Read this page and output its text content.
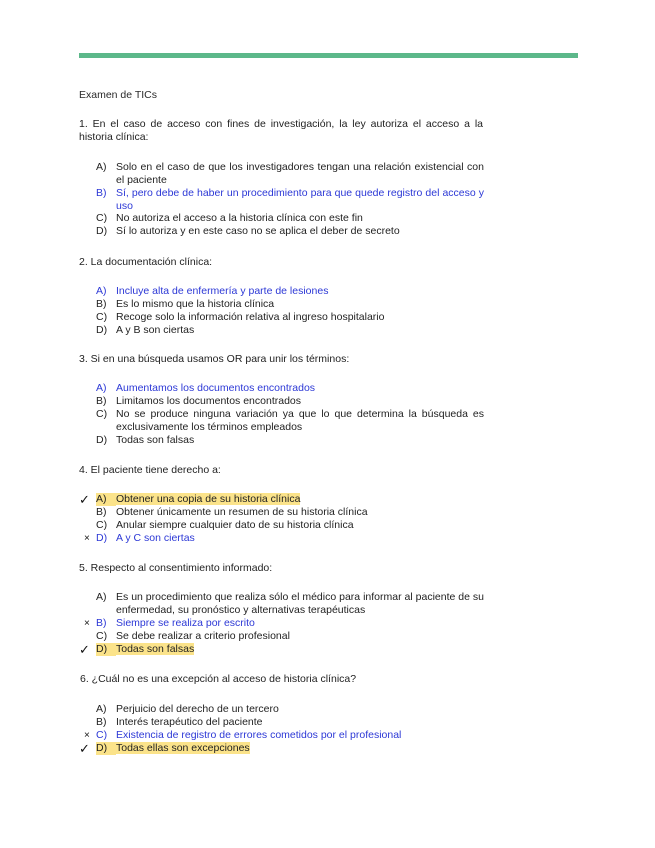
Examen de TICs
1. En el caso de acceso con fines de investigación, la ley autoriza el acceso a la historia clínica:
A) Solo en el caso de que los investigadores tengan una relación existencial con el paciente
B) Sí, pero debe de haber un procedimiento para que quede registro del acceso y uso
C) No autoriza el acceso a la historia clínica con este fin
D) Sí lo autoriza y en este caso no se aplica el deber de secreto
2. La documentación clínica:
A) Incluye alta de enfermería y parte de lesiones
B) Es lo mismo que la historia clínica
C) Recoge solo la información relativa al ingreso hospitalario
D) A y B son ciertas
3. Si en una búsqueda usamos OR para unir los términos:
A) Aumentamos los documentos encontrados
B) Limitamos los documentos encontrados
C) No se produce ninguna variación ya que lo que determina la búsqueda es exclusivamente los términos empleados
D) Todas son falsas
4. El paciente tiene derecho a:
✓ A) Obtener una copia de su historia clínica
B) Obtener únicamente un resumen de su historia clínica
C) Anular siempre cualquier dato de su historia clínica
× D) A y C son ciertas
5. Respecto al consentimiento informado:
A) Es un procedimiento que realiza sólo el médico para informar al paciente de su enfermedad, su pronóstico y alternativas terapéuticas
× B) Siempre se realiza por escrito
C) Se debe realizar a criterio profesional
✓ D) Todas son falsas
6. ¿Cuál no es una excepción al acceso de historia clínica?
A) Perjuicio del derecho de un tercero
B) Interés terapéutico del paciente
× C) Existencia de registro de errores cometidos por el profesional
✓ D) Todas ellas son excepciones
